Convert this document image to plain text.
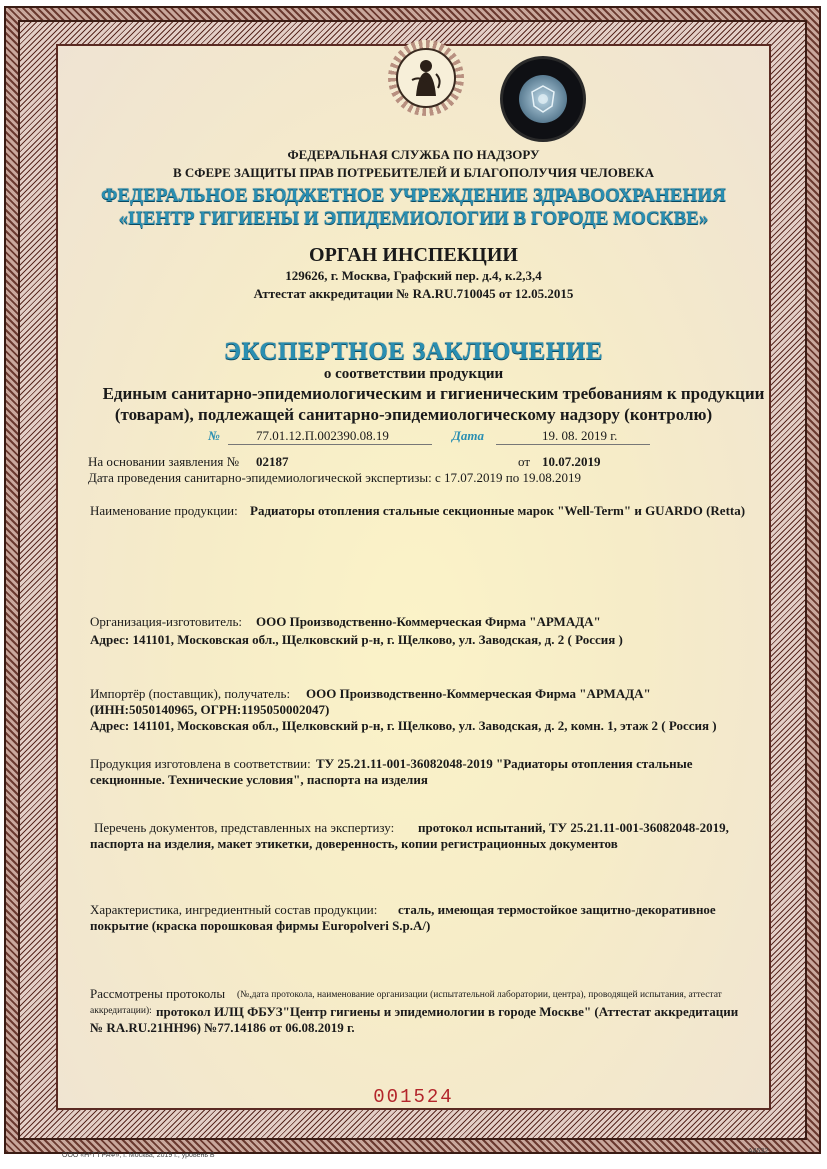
ФЕДЕРАЛЬНАЯ СЛУЖБА ПО НАДЗОРУ
В СФЕРЕ ЗАЩИТЫ ПРАВ ПОТРЕБИТЕЛЕЙ И БЛАГОПОЛУЧИЯ ЧЕЛОВЕКА
ФЕДЕРАЛЬНОЕ БЮДЖЕТНОЕ УЧРЕЖДЕНИЕ ЗДРАВООХРАНЕНИЯ
«ЦЕНТР ГИГИЕНЫ И ЭПИДЕМИОЛОГИИ В ГОРОДЕ МОСКВЕ»
ОРГАН ИНСПЕКЦИИ
129626, г. Москва, Графский пер. д.4, к.2,3,4
Аттестат аккредитации № RA.RU.710045 от 12.05.2015
ЭКСПЕРТНОЕ ЗАКЛЮЧЕНИЕ
о соответствии продукции
Единым санитарно-эпидемиологическим и гигиеническим требованиям к продукции
(товарам), подлежащей санитарно-эпидемиологическому надзору (контролю)
№	77.01.12.П.002390.08.19	Дата	19. 08. 2019 г.
На основании заявления № 02187	от 10.07.2019
Дата проведения санитарно-эпидемиологической экспертизы: с 17.07.2019 по 19.08.2019
Наименование продукции: Радиаторы отопления стальные секционные марок "Well-Term" и GUARDO (Retta)
Организация-изготовитель: ООО Производственно-Коммерческая Фирма "АРМАДА"
Адрес: 141101, Московская обл., Щелковский р-н, г. Щелково, ул. Заводская, д. 2 ( Россия )
Импортёр (поставщик), получатель: ООО Производственно-Коммерческая Фирма "АРМАДА"
(ИНН:5050140965, ОГРН:1195050002047)
Адрес: 141101, Московская обл., Щелковский р-н, г. Щелково, ул. Заводская, д. 2, комн. 1, этаж 2 ( Россия )
Продукция изготовлена в соответствии: ТУ 25.21.11-001-36082048-2019 "Радиаторы отопления стальные
секционные. Технические условия", паспорта на изделия
Перечень документов, представленных на экспертизу: протокол испытаний, ТУ 25.21.11-001-36082048-2019,
паспорта на изделия, макет этикетки, доверенность, копии регистрационных документов
Характеристика, ингредиентный состав продукции: сталь, имеющая термостойкое защитно-декоративное
покрытие (краска порошковая фирмы Europolveri S.p.A/)
Рассмотрены протоколы (№,дата протокола, наименование организации (испытательной лаборатории, центра), проводящей испытания, аттестат
аккредитации): протокол ИЛЦ ФБУЗ"Центр гигиены и эпидемиологии в городе Москве" (Аттестат аккредитации
№ RA.RU.21НН96) №77.14186 от 06.08.2019 г.
001524
ООО «Н-Т ГРАФ», г. Москва, 2019 г., уровень В
А4532
